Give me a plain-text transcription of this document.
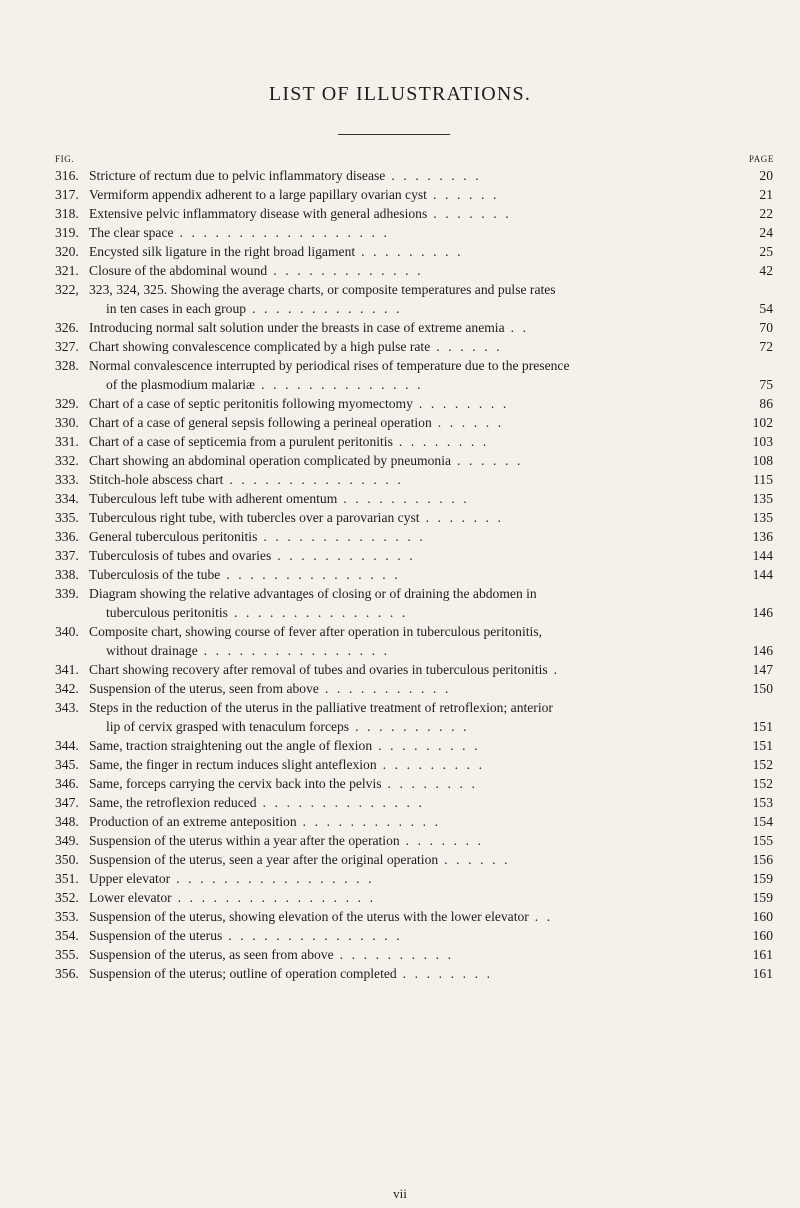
LIST OF ILLUSTRATIONS.
FIG.	PAGE
316. Stricture of rectum due to pelvic inflammatory disease . . . . . . . .	20
317. Vermiform appendix adherent to a large papillary ovarian cyst . . . . . .	21
318. Extensive pelvic inflammatory disease with general adhesions . . . . . . .	22
319. The clear space . . . . . . . . . . . . . . . . . .	24
320. Encysted silk ligature in the right broad ligament . . . . . . . . .	25
321. Closure of the abdominal wound . . . . . . . . . . . . .	42
322, 323, 324, 325. Showing the average charts, or composite temperatures and pulse rates
in ten cases in each group . . . . . . . . . . . . .	54
326. Introducing normal salt solution under the breasts in case of extreme anemia . .	70
327. Chart showing convalescence complicated by a high pulse rate . . . . . .	72
328. Normal convalescence interrupted by periodical rises of temperature due to the presence
of the plasmodium malariæ . . . . . . . . . . . . . .	75
329. Chart of a case of septic peritonitis following myomectomy . . . . . . . .	86
330. Chart of a case of general sepsis following a perineal operation . . . . . .	102
331. Chart of a case of septicemia from a purulent peritonitis . . . . . . . .	103
332. Chart showing an abdominal operation complicated by pneumonia . . . . . .	108
333. Stitch-hole abscess chart . . . . . . . . . . . . . . .	115
334. Tuberculous left tube with adherent omentum . . . . . . . . . . .	135
335. Tuberculous right tube, with tubercles over a parovarian cyst . . . . . . .	135
336. General tuberculous peritonitis . . . . . . . . . . . . . .	136
337. Tuberculosis of tubes and ovaries . . . . . . . . . . . .	144
338. Tuberculosis of the tube . . . . . . . . . . . . . . .	144
339. Diagram showing the relative advantages of closing or of draining the abdomen in
tuberculous peritonitis . . . . . . . . . . . . . . .	146
340. Composite chart, showing course of fever after operation in tuberculous peritonitis,
without drainage . . . . . . . . . . . . . . . .	146
341. Chart showing recovery after removal of tubes and ovaries in tuberculous peritonitis .	147
342. Suspension of the uterus, seen from above . . . . . . . . . . .	150
343. Steps in the reduction of the uterus in the palliative treatment of retroflexion; anterior
lip of cervix grasped with tenaculum forceps . . . . . . . . . .	151
344. Same, traction straightening out the angle of flexion . . . . . . . . .	151
345. Same, the finger in rectum induces slight anteflexion . . . . . . . . .	152
346. Same, forceps carrying the cervix back into the pelvis . . . . . . . .	152
347. Same, the retroflexion reduced . . . . . . . . . . . . . .	153
348. Production of an extreme anteposition . . . . . . . . . . . .	154
349. Suspension of the uterus within a year after the operation . . . . . . .	155
350. Suspension of the uterus, seen a year after the original operation . . . . . .	156
351. Upper elevator . . . . . . . . . . . . . . . . .	159
352. Lower elevator . . . . . . . . . . . . . . . . .	159
353. Suspension of the uterus, showing elevation of the uterus with the lower elevator . .	160
354. Suspension of the uterus . . . . . . . . . . . . . . .	160
355. Suspension of the uterus, as seen from above . . . . . . . . . .	161
356. Suspension of the uterus; outline of operation completed . . . . . . . .	161
vii
